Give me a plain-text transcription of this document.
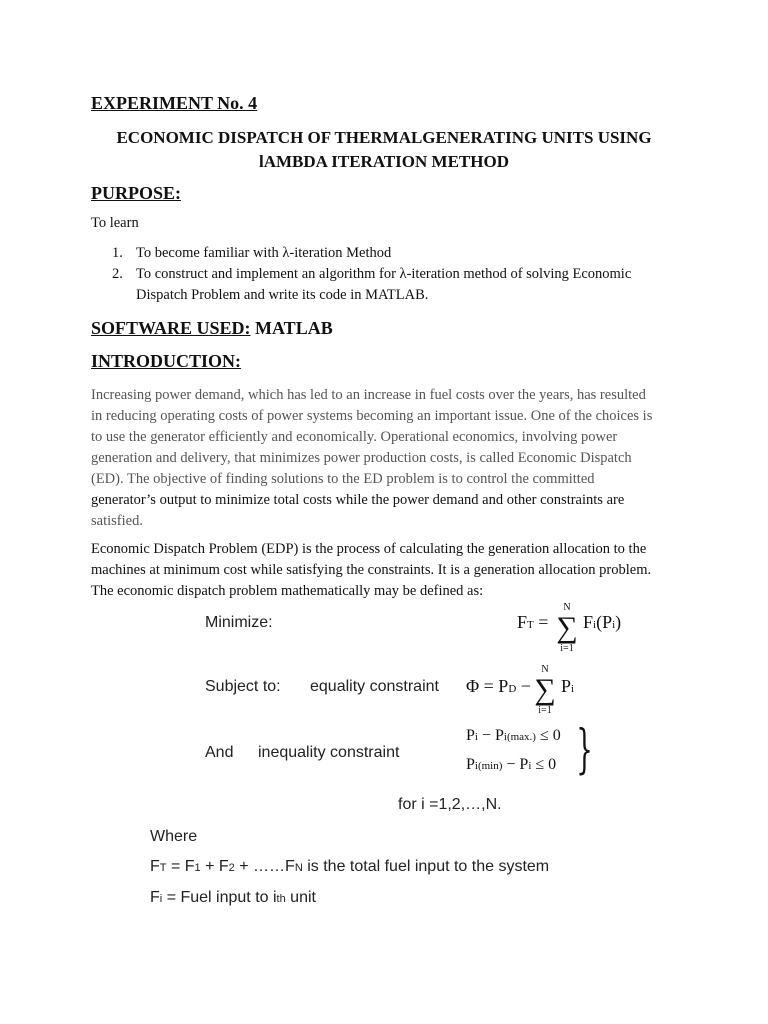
EXPERIMENT No. 4
ECONOMIC DISPATCH OF THERMALGENERATING UNITS USING
lAMBDA ITERATION METHOD
PURPOSE:
To learn
1. To become familiar with λ-iteration Method
2. To construct and implement an algorithm for λ-iteration method of solving Economic
Dispatch Problem and write its code in MATLAB.
SOFTWARE USED: MATLAB
INTRODUCTION:
Increasing power demand, which has led to an increase in fuel costs over the years, has resulted
in reducing operating costs of power systems becoming an important issue. One of the choices is
to use the generator efficiently and economically. Operational economics, involving power
generation and delivery, that minimizes power production costs, is called Economic Dispatch
(ED). The objective of finding solutions to the ED problem is to control the committed
generator’s output to minimize total costs while the power demand and other constraints are
satisfied.
Economic Dispatch Problem (EDP) is the process of calculating the generation allocation to the
machines at minimum cost while satisfying the constraints. It is a generation allocation problem.
The economic dispatch problem mathematically may be defined as:
Minimize:	FT =
N
∑
i=1
Fi(Pi)
Subject to: equality constraint Φ = PD −
N
∑
i=1
Pi
And inequality constraint
Pi − Pi(max.) ≤ 0
Pi(min) − Pi ≤ 0 }
for i =1,2,…,N.
Where
FT = F1 + F2 + ……FN is the total fuel input to the system
Fi = Fuel input to ith unit
